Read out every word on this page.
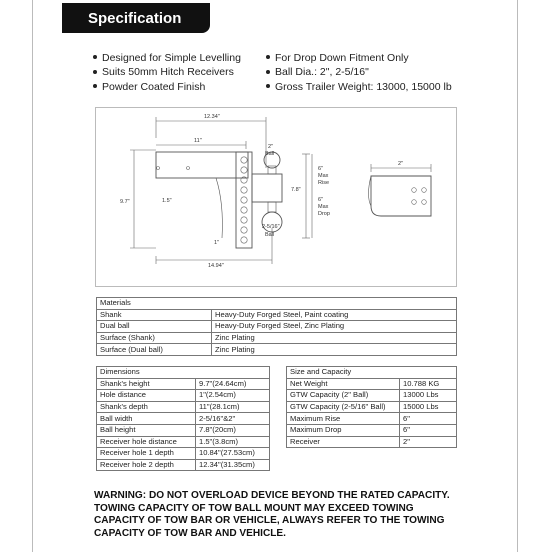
Specification
Designed for Simple Levelling
Suits 50mm Hitch Receivers
Powder Coated Finish
For Drop Down Fitment Only
Ball Dia.: 2", 2-5/16"
Gross Trailer Weight: 13000, 15000 lb
12.34"
11"
9.7"	1.5"
1"
14.94"
2"
Ball
2-5/16"
Ball
6"
Max
Rise
7.8"
6"
Max
Drop
2"
Materials	
Shank	Heavy-Duty Forged Steel, Paint coating
Dual ball	Heavy-Duty Forged Steel, Zinc Plating
Surface (Shank)	Zinc Plating
Surface (Dual ball)	Zinc Plating
Dimensions	
Shank's height	9.7"(24.64cm)
Hole distance	1"(2.54cm)
Shank's depth	11"(28.1cm)
Ball width	2-5/16"&2"
Ball height	7.8"(20cm)
Receiver hole distance	1.5"(3.8cm)
Receiver hole 1 depth	10.84"(27.53cm)
Receiver hole 2 depth	12.34"(31.35cm)
Size and Capacity	
Net Weight	10.788 KG
GTW Capacity (2" Ball)	13000 Lbs
GTW Capacity (2-5/16" Ball)	15000 Lbs
Maximum Rise	6"
Maximum Drop	6"
Receiver	2"
WARNING: DO NOT OVERLOAD DEVICE BEYOND THE RATED CAPACITY.
TOWING CAPACITY OF TOW BALL MOUNT MAY EXCEED TOWING
CAPACITY OF TOW BAR OR VEHICLE, ALWAYS REFER TO THE TOWING
CAPACITY OF TOW BAR AND VEHICLE.
